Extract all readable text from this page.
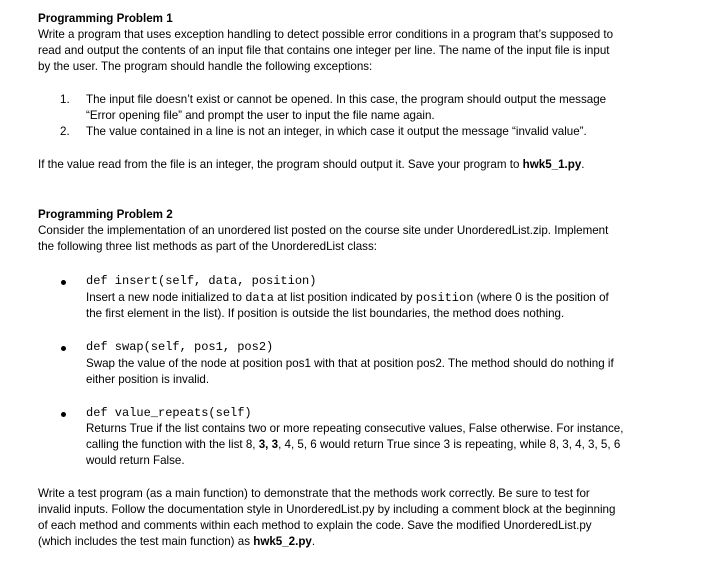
Programming Problem 1
Write a program that uses exception handling to detect possible error conditions in a program that’s supposed to
read and output the contents of an input file that contains one integer per line. The name of the input file is input
by the user. The program should handle the following exceptions:
1. The input file doesn’t exist or cannot be opened. In this case, the program should output the message
“Error opening file” and prompt the user to input the file name again.
2. The value contained in a line is not an integer, in which case it output the message “invalid value”.
If the value read from the file is an integer, the program should output it. Save your program to hwk5_1.py.
Programming Problem 2
Consider the implementation of an unordered list posted on the course site under UnorderedList.zip. Implement
the following three list methods as part of the UnorderedList class:
def insert(self, data, position)
Insert a new node initialized to data at list position indicated by position (where 0 is the position of
the first element in the list). If position is outside the list boundaries, the method does nothing.
def swap(self, pos1, pos2)
Swap the value of the node at position pos1 with that at position pos2. The method should do nothing if
either position is invalid.
def value_repeats(self)
Returns True if the list contains two or more repeating consecutive values, False otherwise. For instance,
calling the function with the list 8, 3, 3, 4, 5, 6 would return True since 3 is repeating, while 8, 3, 4, 3, 5, 6
would return False.
Write a test program (as a main function) to demonstrate that the methods work correctly. Be sure to test for
invalid inputs. Follow the documentation style in UnorderedList.py by including a comment block at the beginning
of each method and comments within each method to explain the code. Save the modified UnorderedList.py
(which includes the test main function) as hwk5_2.py.
